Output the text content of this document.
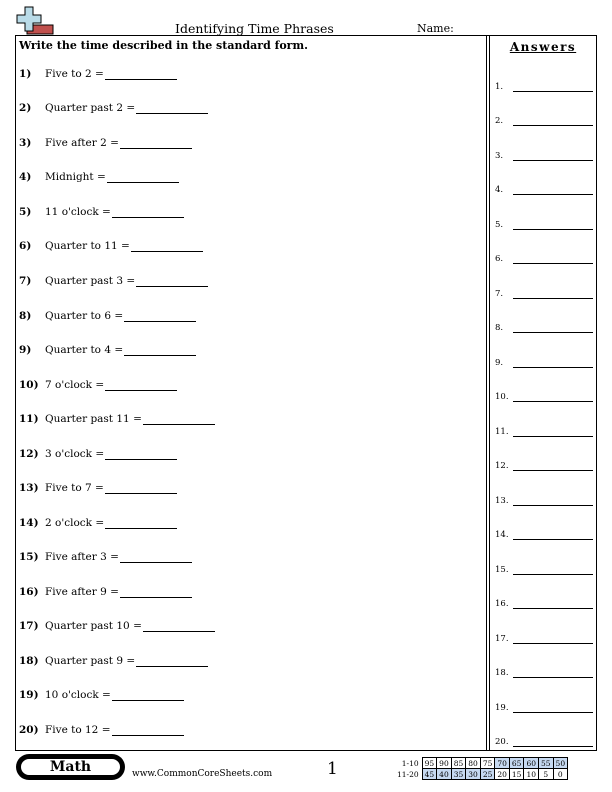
Identifying Time Phrases	Name:
Write the time described in the standard form.
1 )	Five to 2 =
2 )	Quarter past 2 =
3 )	Five after 2 =
4 )	Midnight =
5 )	11 o'clock =
6 )	Quarter to 11 =
7 )	Quarter past 3 =
8 )	Quarter to 6 =
9 )	Quarter to 4 =
10 )	7 o'clock =
11 )	Quarter past 11 =
12 )	3 o'clock =
13 )	Five to 7 =
14 )	2 o'clock =
15 )	Five after 3 =
16 )	Five after 9 =
17 )	Quarter past 10 =
18 )	Quarter past 9 =
19 )	10 o'clock =
20 )	Five to 12 =
Answers
1.
2.
3.
4.
5.
6.
7.
8.
9.
10.
11.
12.
13.
14.
15.
16.
17.
18.
19.
20.
Math	www.CommonCoreSheets.com	1	1-10	95	90	85	80	75	70	65	60	55	50
11-20	45	40	35	30	25	20	15	10	5	0
